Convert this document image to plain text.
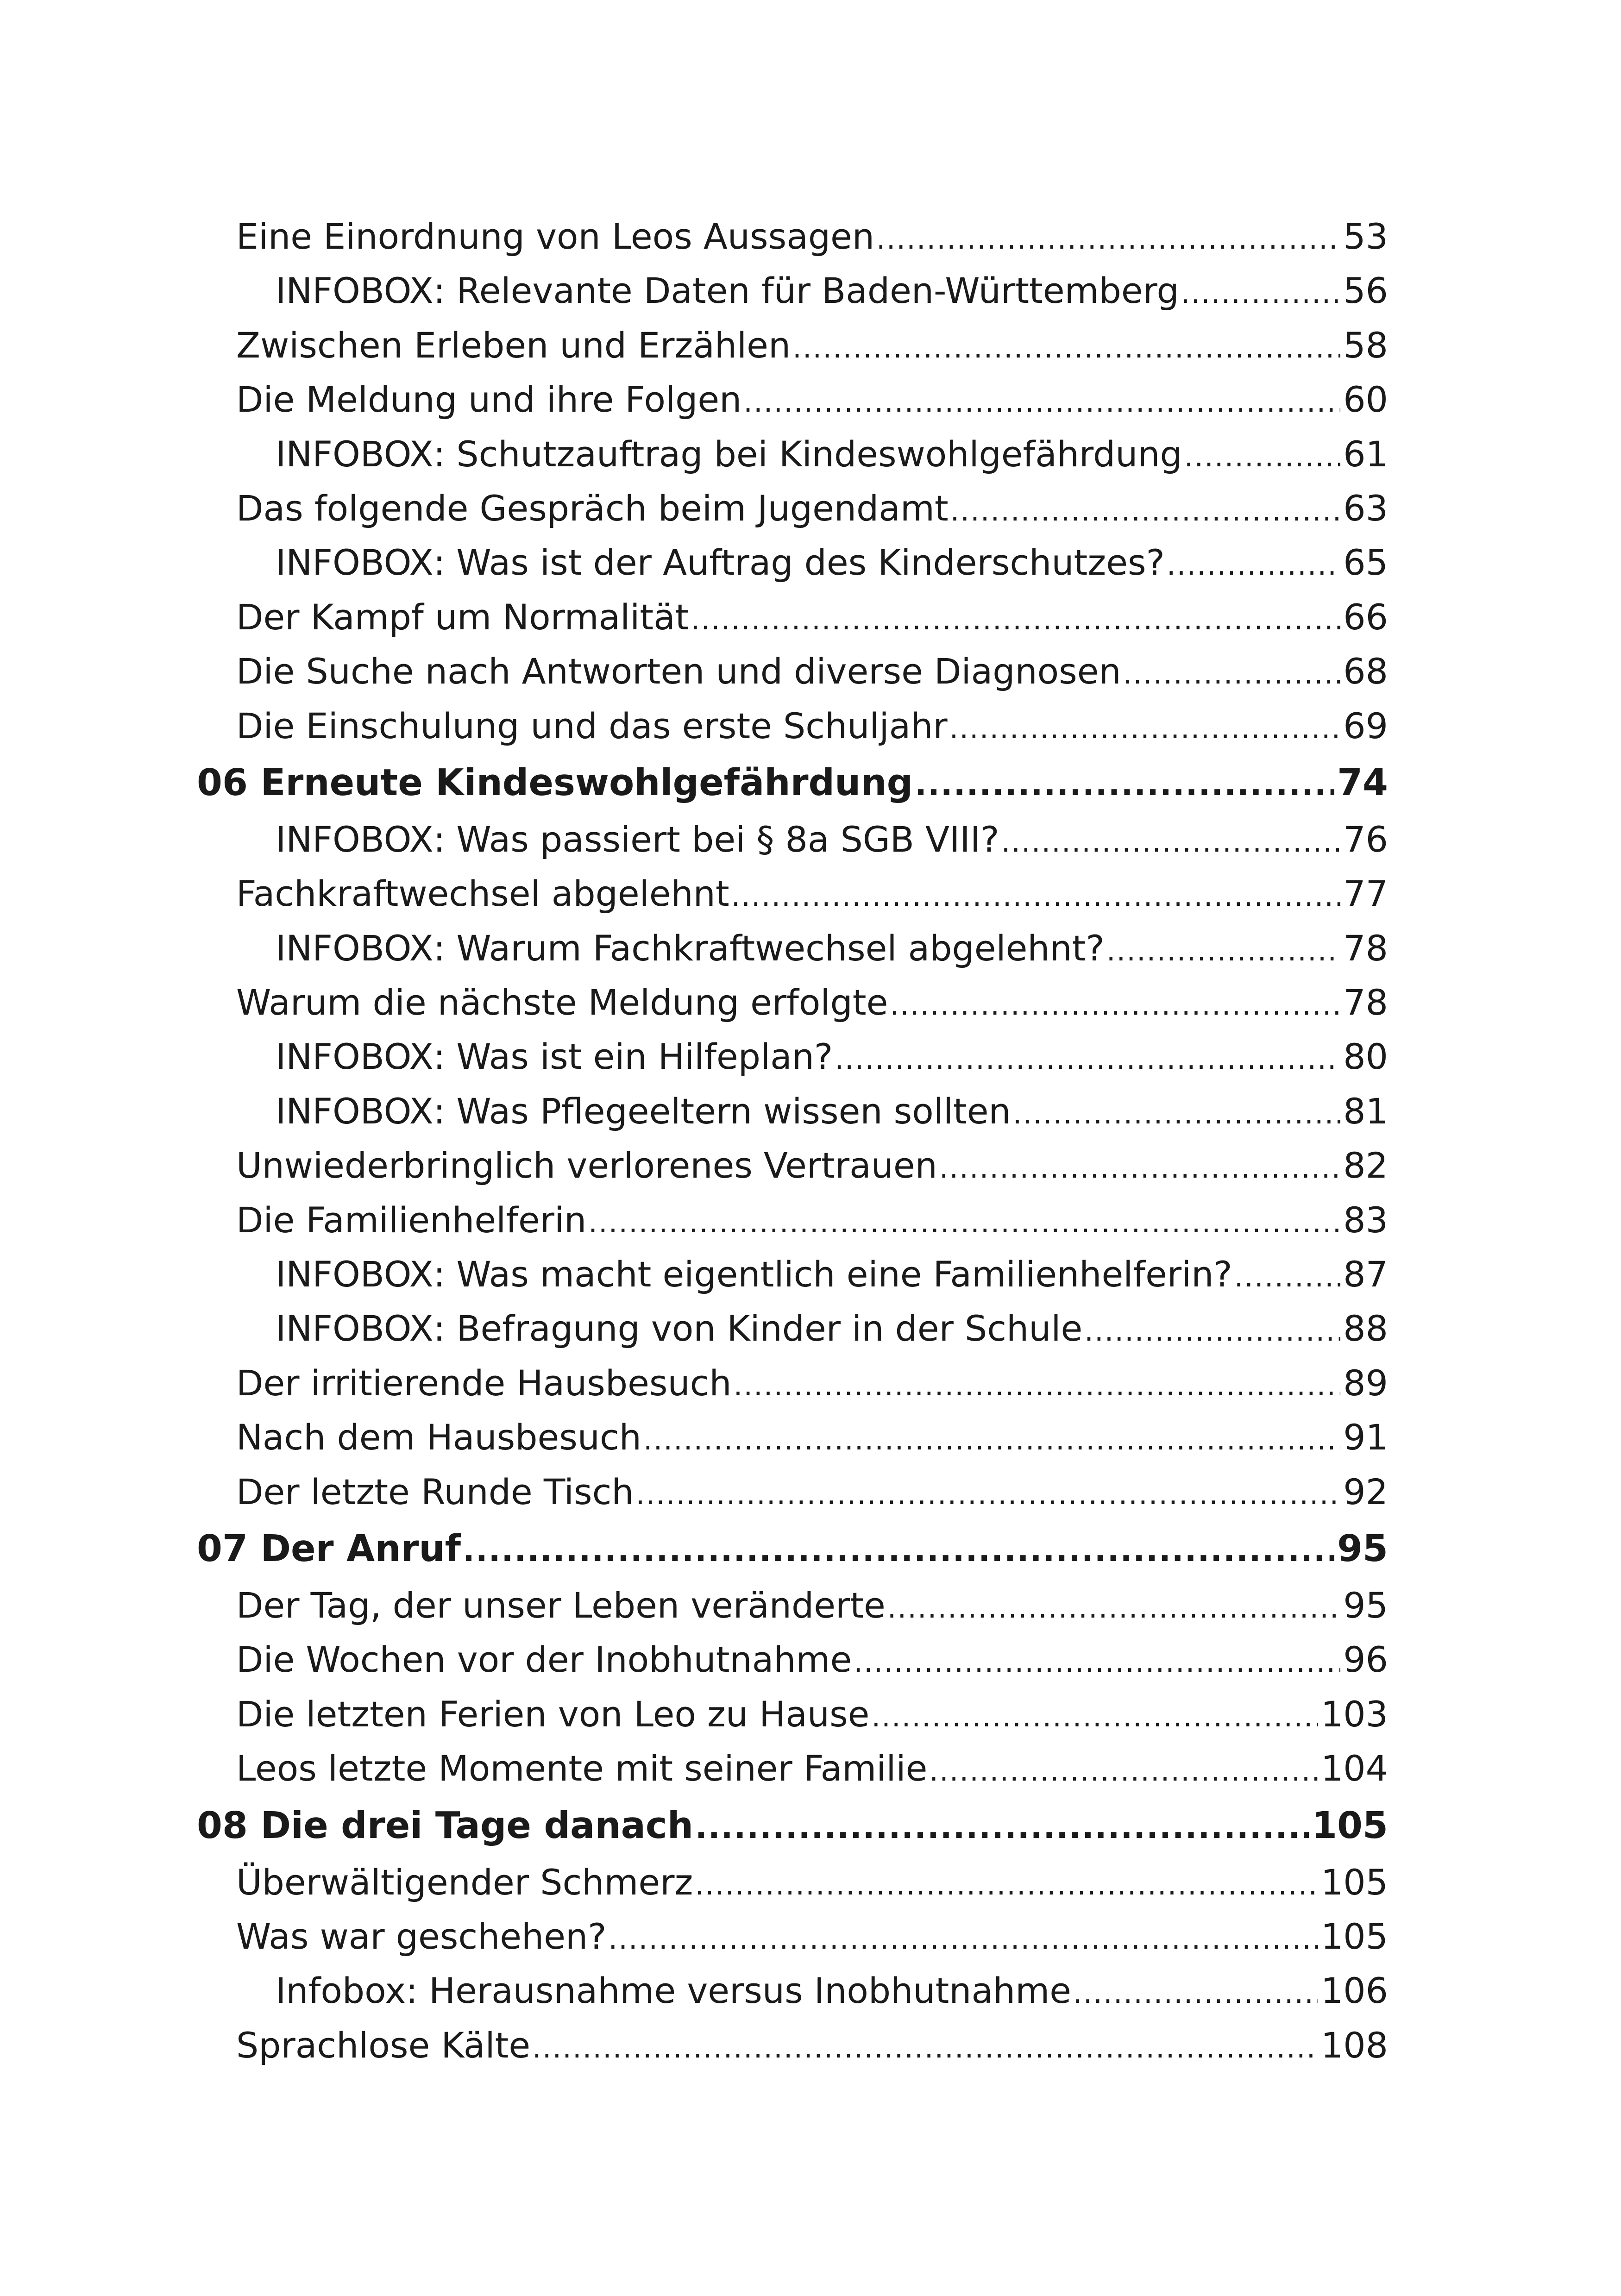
Eine Einordnung von Leos Aussagen .....	53
INFOBOX: Relevante Daten für Baden-Württemberg .....	56
Zwischen Erleben und Erzählen .....	58
Die Meldung und ihre Folgen .....	60
INFOBOX: Schutzauftrag bei Kindeswohlgefährdung .....	61
Das folgende Gespräch beim Jugendamt .....	63
INFOBOX: Was ist der Auftrag des Kinderschutzes? .....	65
Der Kampf um Normalität .....	66
Die Suche nach Antworten und diverse Diagnosen .....	68
Die Einschulung und das erste Schuljahr .....	69
06 Erneute Kindeswohlgefährdung .....	74
INFOBOX: Was passiert bei § 8a SGB VIII? .....	76
Fachkraftwechsel abgelehnt .....	77
INFOBOX: Warum Fachkraftwechsel abgelehnt? .....	78
Warum die nächste Meldung erfolgte .....	78
INFOBOX: Was ist ein Hilfeplan? .....	80
INFOBOX: Was Pflegeeltern wissen sollten .....	81
Unwiederbringlich verlorenes Vertrauen .....	82
Die Familienhelferin .....	83
INFOBOX: Was macht eigentlich eine Familienhelferin? .....	87
INFOBOX: Befragung von Kinder in der Schule .....	88
Der irritierende Hausbesuch .....	89
Nach dem Hausbesuch .....	91
Der letzte Runde Tisch .....	92
07 Der Anruf .....	95
Der Tag, der unser Leben veränderte .....	95
Die Wochen vor der Inobhutnahme .....	96
Die letzten Ferien von Leo zu Hause .....	103
Leos letzte Momente mit seiner Familie .....	104
08 Die drei Tage danach .....	105
Überwältigender Schmerz .....	105
Was war geschehen? .....	105
Infobox: Herausnahme versus Inobhutnahme .....	106
Sprachlose Kälte .....	108
